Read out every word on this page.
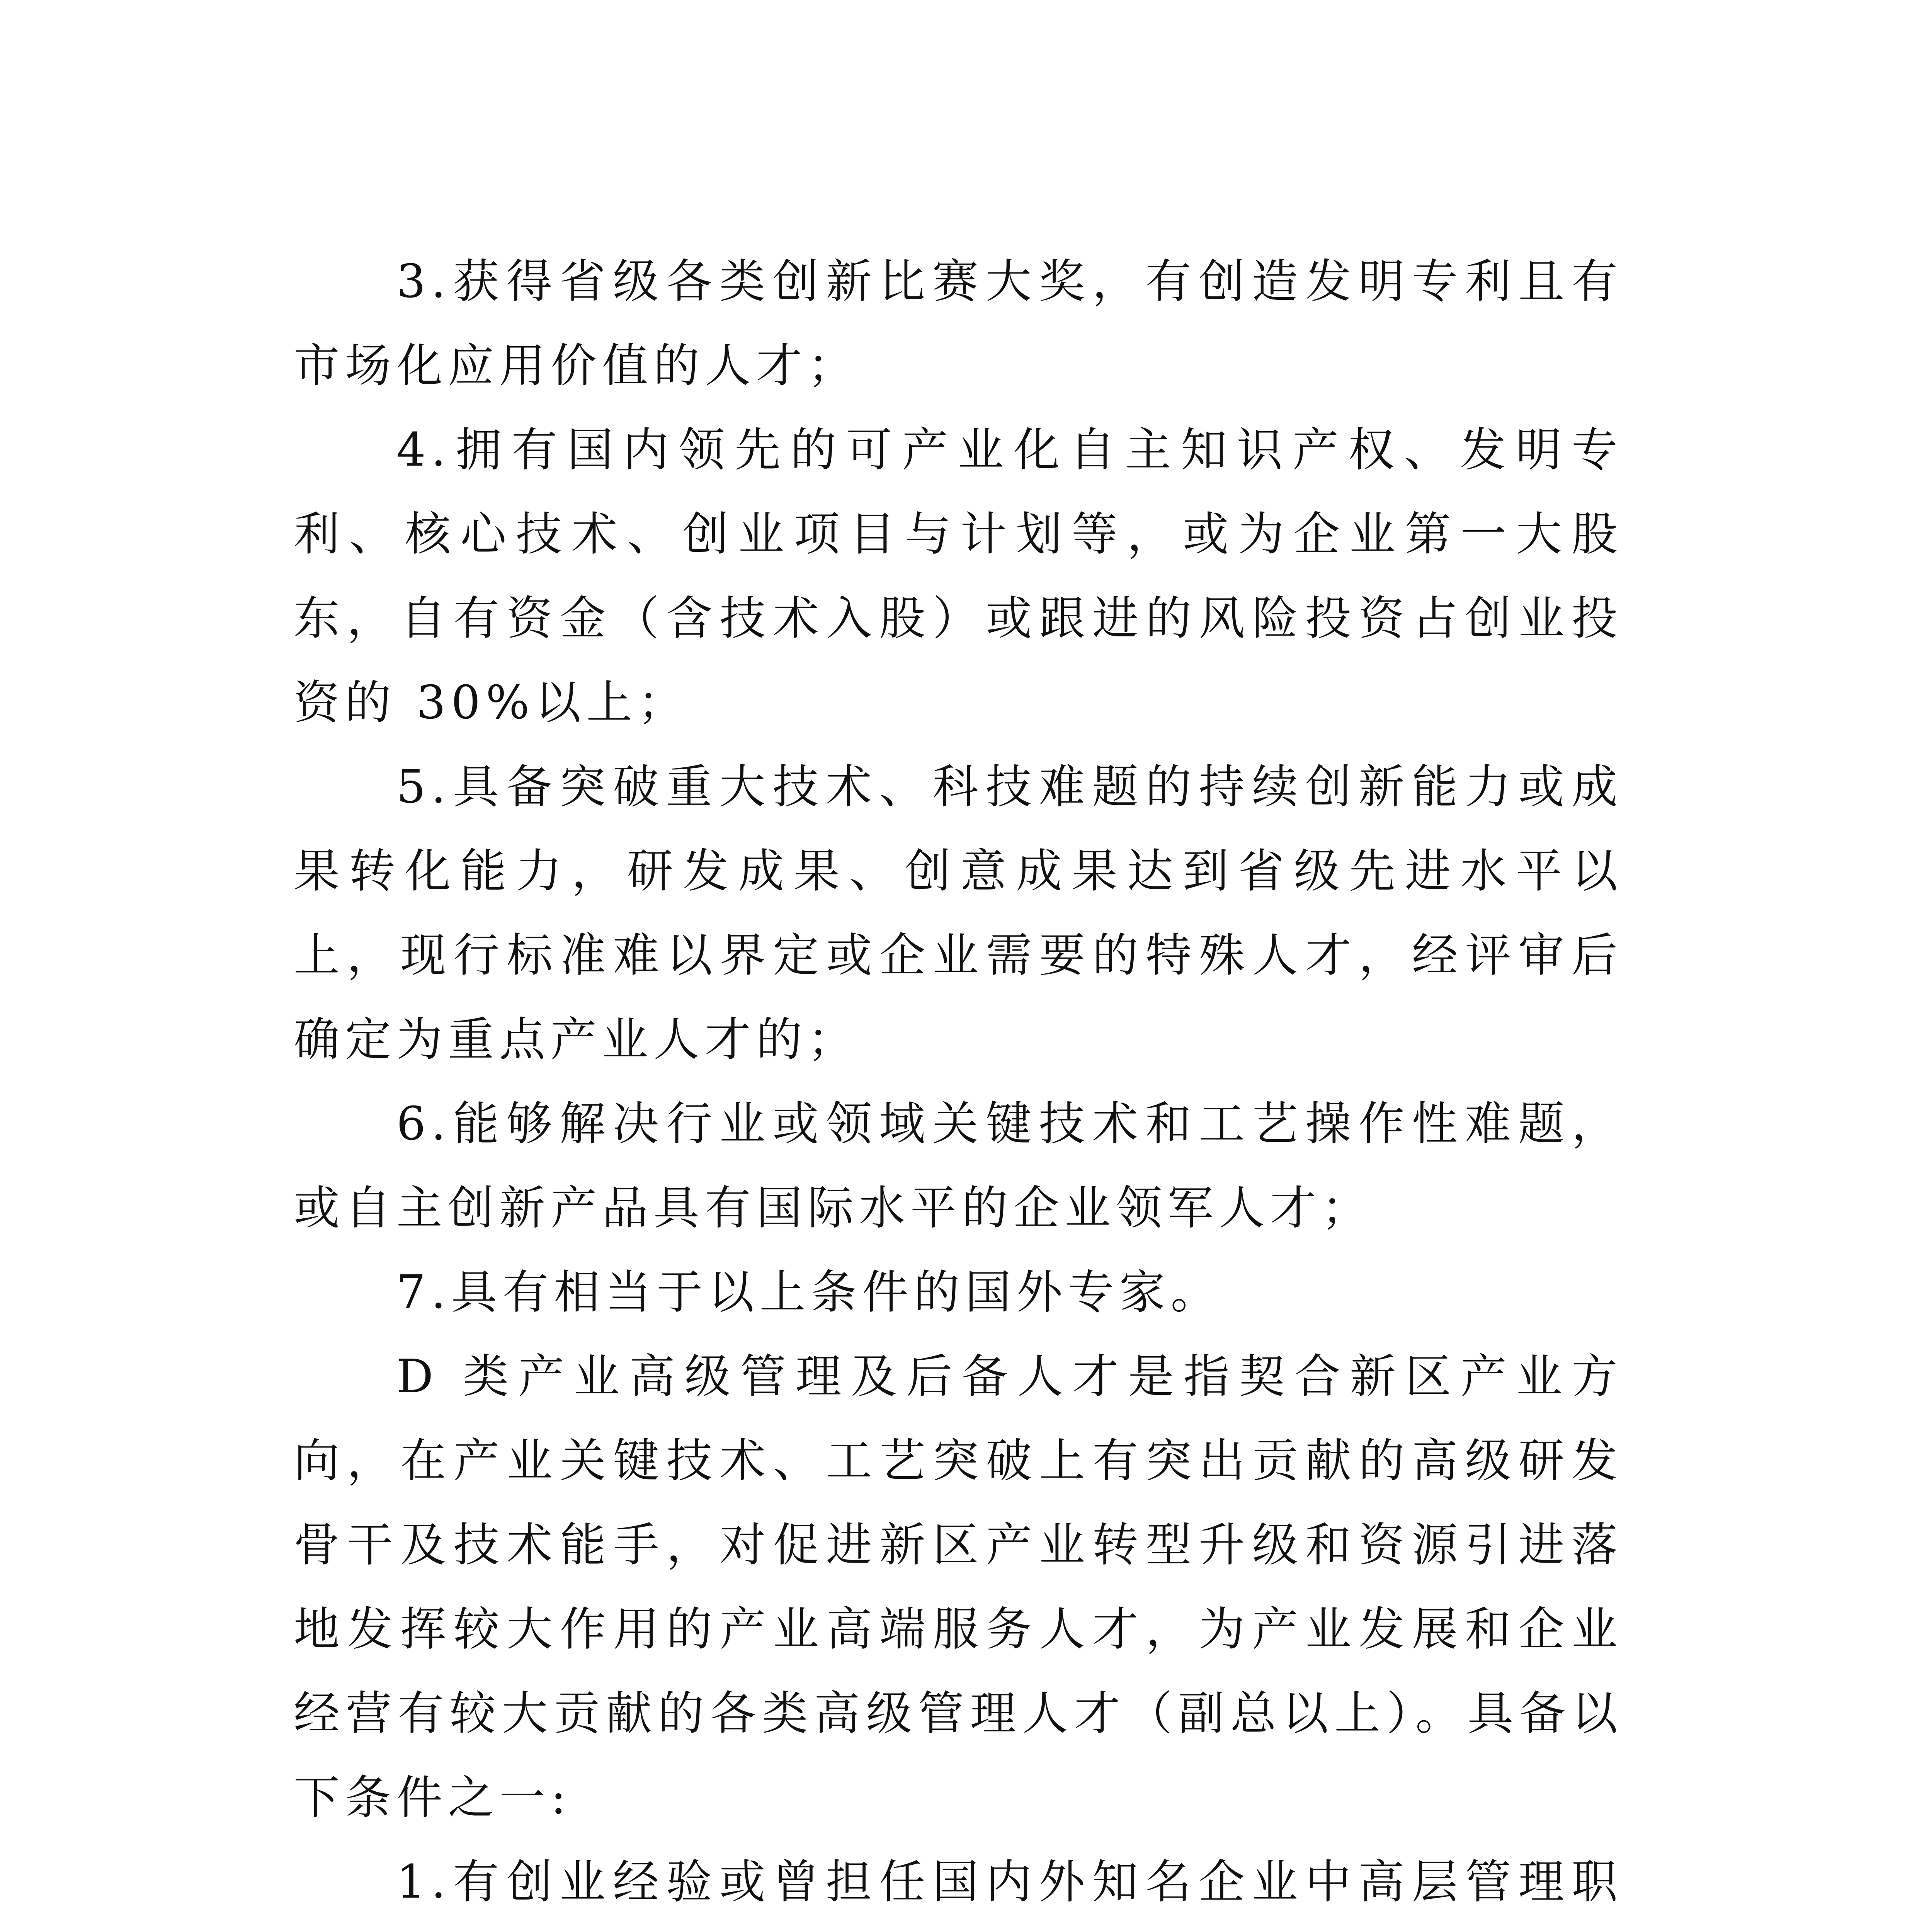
3.获得省级各类创新比赛大奖，有创造发明专利且有市场化应用价值的人才；

4.拥有国内领先的可产业化自主知识产权、发明专利、核心技术、创业项目与计划等，或为企业第一大股东，自有资金（含技术入股）或跟进的风险投资占创业投资的 30%以上；

5.具备突破重大技术、科技难题的持续创新能力或成果转化能力，研发成果、创意成果达到省级先进水平以上，现行标准难以界定或企业需要的特殊人才，经评审后确定为重点产业人才的；

6.能够解决行业或领域关键技术和工艺操作性难题，或自主创新产品具有国际水平的企业领军人才；

7.具有相当于以上条件的国外专家。

D 类产业高级管理及后备人才是指契合新区产业方向，在产业关键技术、工艺突破上有突出贡献的高级研发骨干及技术能手，对促进新区产业转型升级和资源引进落地发挥较大作用的产业高端服务人才，为产业发展和企业经营有较大贡献的各类高级管理人才（副总以上）。具备以下条件之一:

1.有创业经验或曾担任国内外知名企业中高层管理职
